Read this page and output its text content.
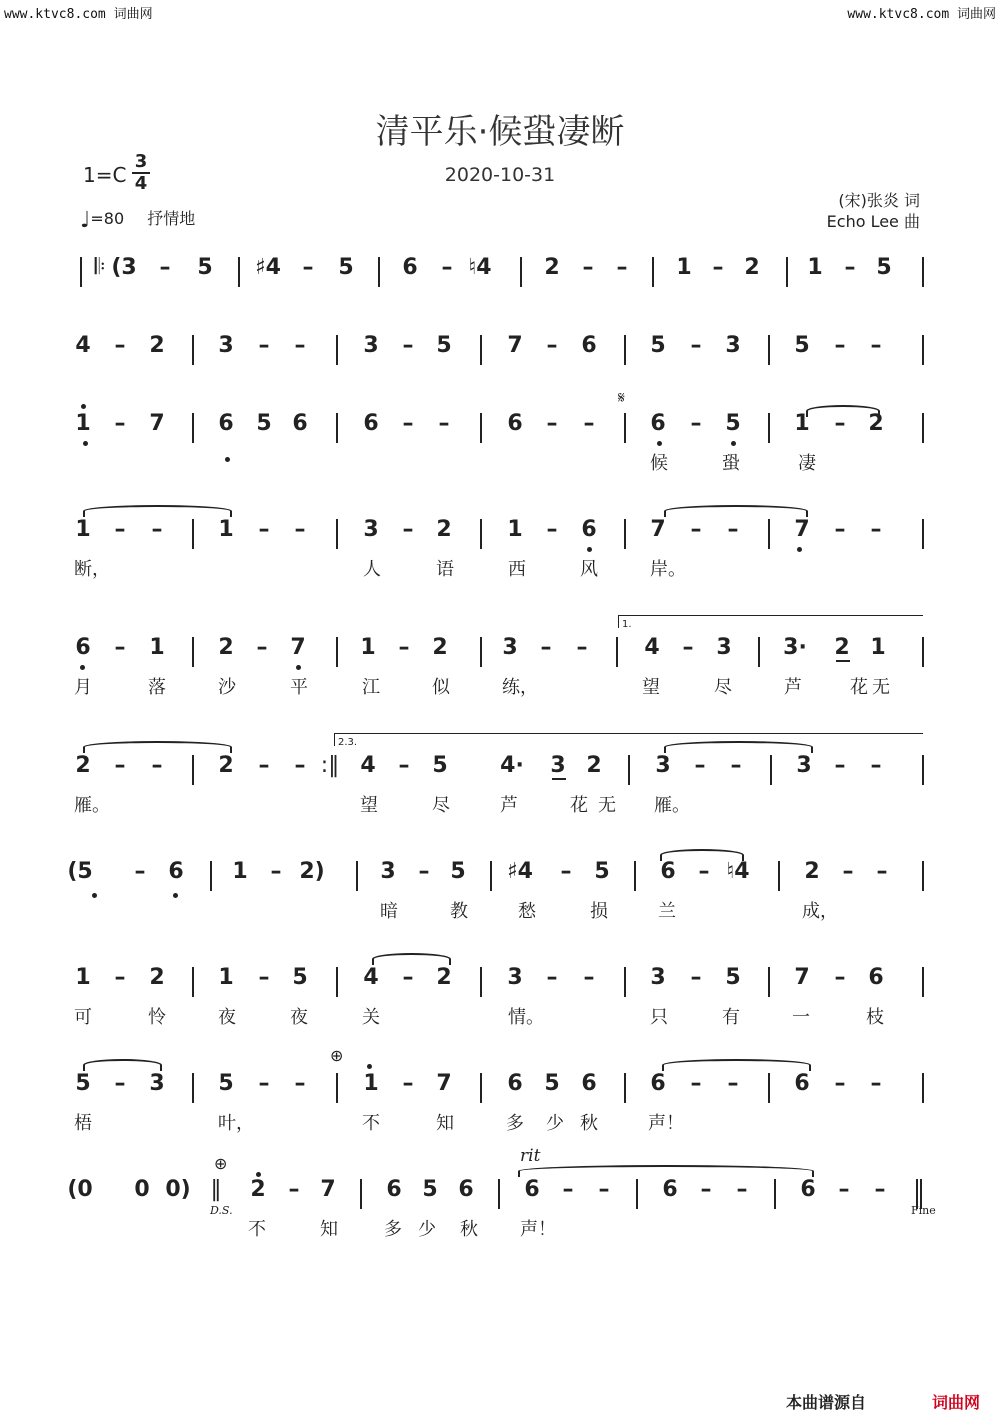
www.ktvc8.com 词曲网	www.ktvc8.com 词曲网
清平乐·候蛩凄断
2020-10-31
$1=C \frac{3}{4}$
♩=80 抒情地
(宋)张炎 词
Echo Lee 曲
𝄆 (3 – 5 ♯4 – 5 6 – ♮4 2 – – 1 – 2 1 – 5
4 – 2 3 – –	3 – 5	7 – 6 5 – 3 5 – –
1 – 7 6 5 6	6 – –	6 – –	6 – 5 1 – 2
1 – –	1 – –	3 – 2	1 – 6 7 – –	7 – –
6 – 1 2 – 7 1 – 2 3 – –	4 – 3 3· 2 1
2 – –	2 – – :‖ 4 – 5 4· 3 2 3 – – 3 – –
(5 – 6 1 – 2)	3 – 5 ♯4 – 5 6 – ♮4 2 – –
1 – 2 1 – 5	4 – 2	3 – –	3 – 5 7 – 6
5 – 3 5 – –	1 – 7	6 5 6 6 – –	6 – –
(0 0 0) ‖ 2 – 7 6 5 6 6 – – 6 – – 6 – –
1.
2.3.
𝄋
⊕
⊕
D.S.	Fine
rit
候	蛩	凄
断，	人	语	西	风	岸。
月	落	沙	平	江	似	练，	望	尽	芦	花 无
雁。	望	尽	芦	花 无 雁。
暗	教	愁	损	兰	成，
可	怜	夜	夜	关	情。	只	有	一	枝
梧	叶，	不	知	多 少 秋	声！
不	知	多 少 秋 声！
本曲谱源自	词曲网
